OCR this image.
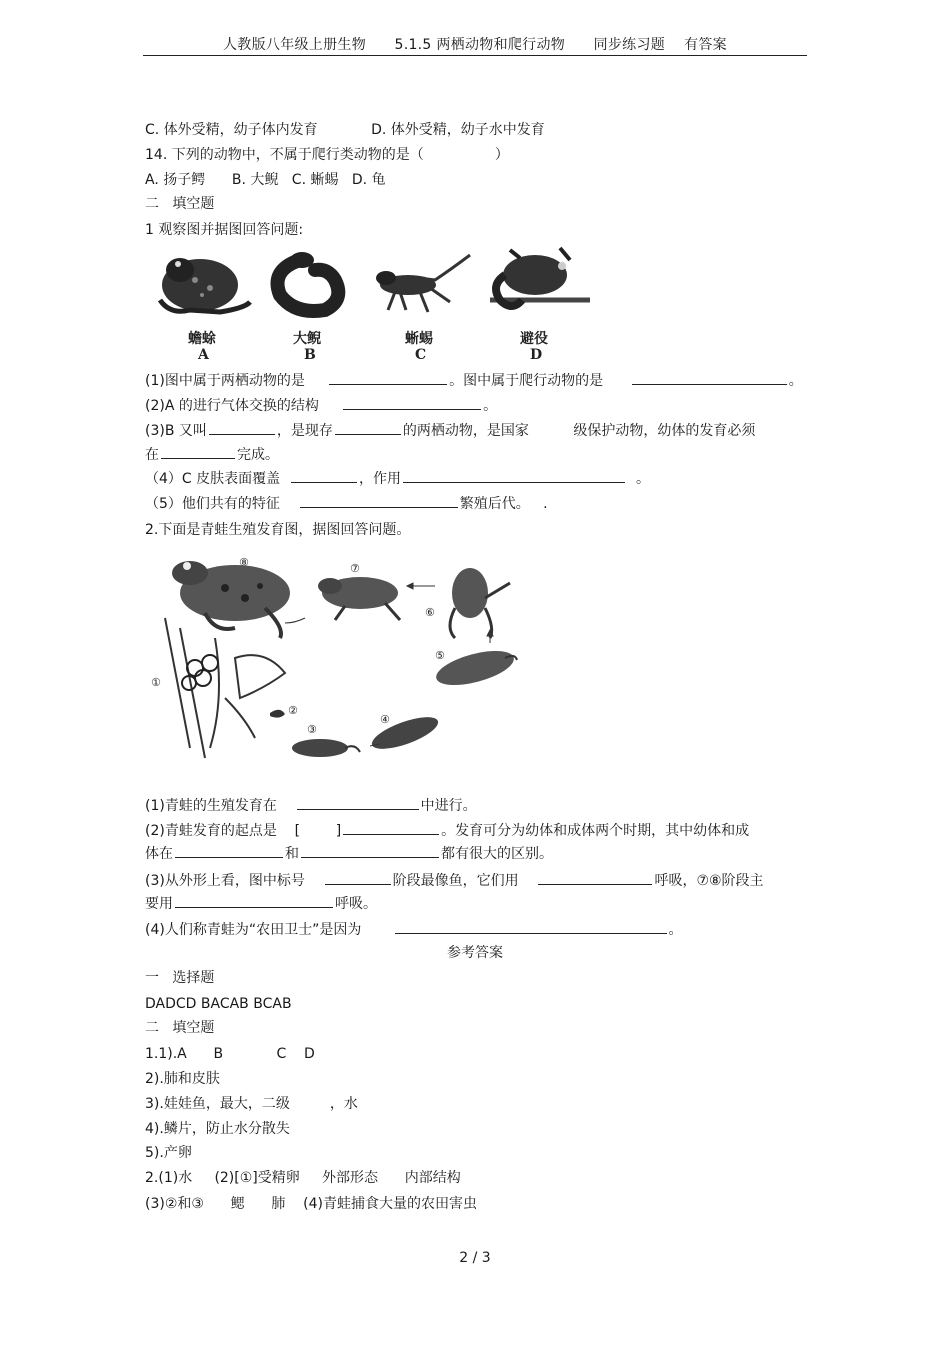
人教版八年级上册生物      5.1.5 两栖动物和爬行动物      同步练习题    有答案
C. 体外受精，幼子体内发育            D. 体外受精，幼子水中发育
14. 下列的动物中，不属于爬行类动物的是（                ）
A. 扬子鳄      B. 大鲵   C. 蜥蜴   D. 龟
二   填空题
1 观察图并据图回答问题:
蟾蜍
A
大鲵
B
蜥蜴
C
避役
D
(1)图中属于两栖动物的是	。图中属于爬行动物的是	。
(2)A 的进行气体交换的结构	。
(3)B 又叫	，是现存	的两栖动物，是国家          级保护动物，幼体的发育必须
在	完成。
（4）C 皮肤表面覆盖	，作用	。
（5）他们共有的特征	繁殖后代。   .
2.下面是青蛙生殖发育图，据图回答问题。
⑧	⑦
⑥
⑤
④
③
②
①
(1)青蛙的生殖发育在	中进行。
(2)青蛙发育的起点是    [        ]	。发育可分为幼体和成体两个时期，其中幼体和成
体在	和	都有很大的区别。
(3)从外形上看，图中标号	阶段最像鱼，它们用	呼吸，⑦⑧阶段主
要用	呼吸。
(4)人们称青蛙为“农田卫士”是因为	。
参考答案
一   选择题
DADCD BACAB BCAB
二   填空题
1.1).A      B            C    D
2).肺和皮肤
3).娃娃鱼，最大，二级         ，水
4).鳞片，防止水分散失
5).产卵
2.(1)水     (2)[①]受精卵     外部形态      内部结构
(3)②和③      鳃      肺    (4)青蛙捕食大量的农田害虫
2 / 3
